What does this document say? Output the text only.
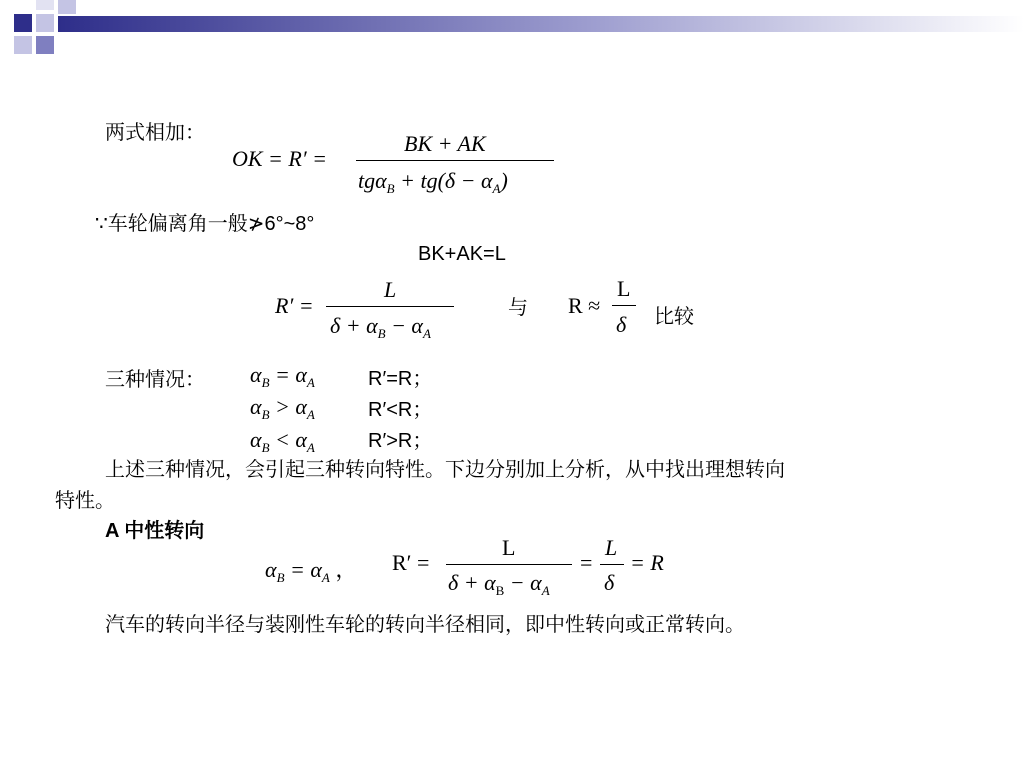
两式相加：
OK = R′ =
BK + AK
$tg\alpha_B + tg(\delta - \alpha_A)$
∵车轮偏离角一般≯6°~8°
BK+AK=L
R′ =
L
$\delta + \alpha_B - \alpha_A$
与 R ≈
L
δ 比较
三种情况： $\alpha_B = \alpha_A$	R′=R；
$\alpha_B > \alpha_A$	R′<R；
$\alpha_B < \alpha_A$	R′>R；
上述三种情况，会引起三种转向特性。下边分别加上分析，从中找出理想转向
特性。
A 中性转向
$\alpha_B = \alpha_A$ ， R′ =
L
$\delta + \alpha_B - \alpha_A$
=
L
δ
= R
汽车的转向半径与装刚性车轮的转向半径相同，即中性转向或正常转向。
